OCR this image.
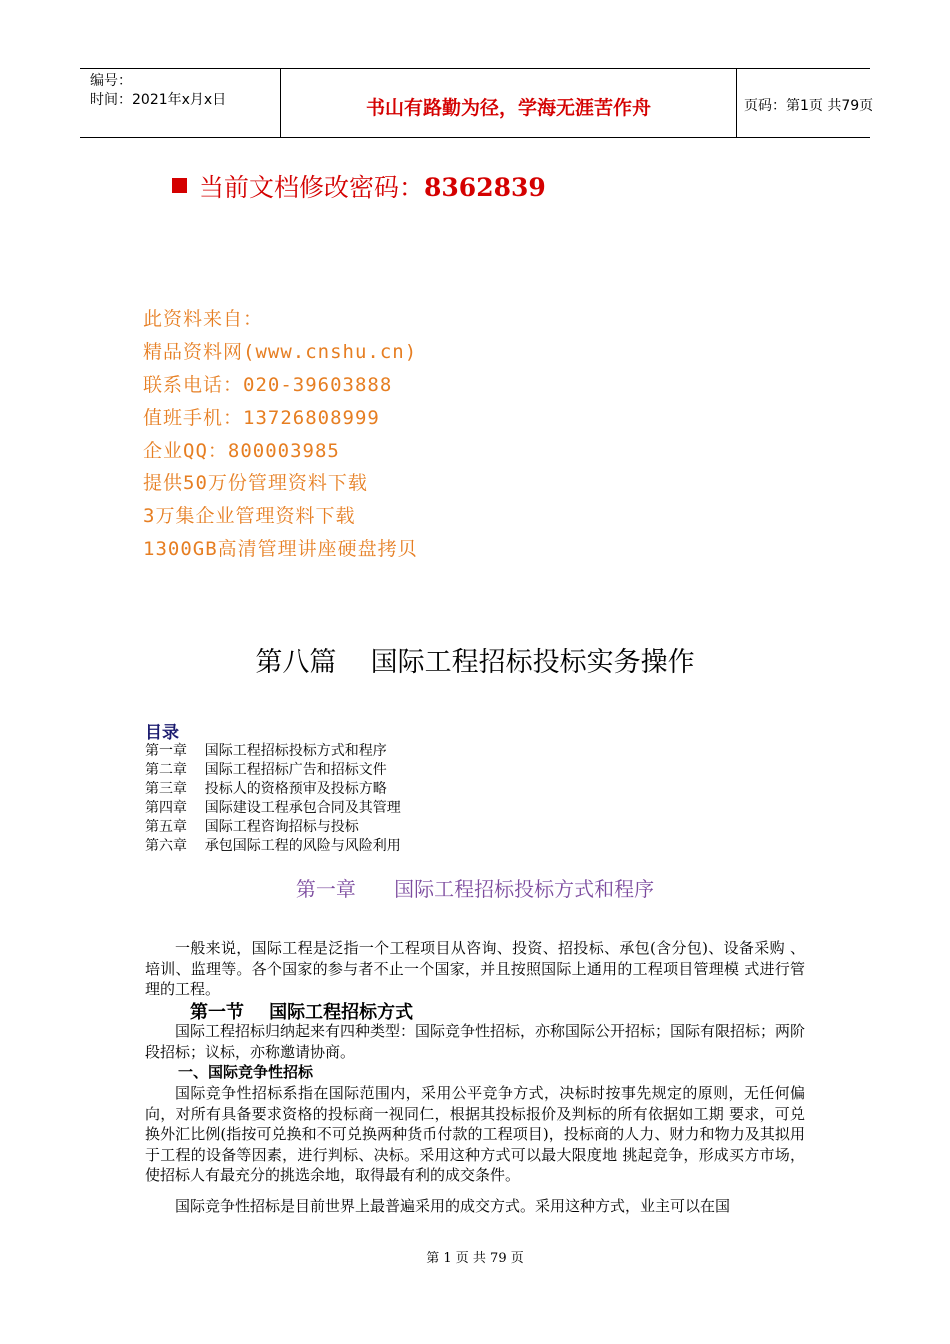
编号：
时间：2021年x月x日	书山有路勤为径，学海无涯苦作舟	页码：第1页 共79页
当前文档修改密码：8362839
此资料来自：
精品资料网(www.cnshu.cn)
联系电话：020-39603888
值班手机：13726808999
企业QQ：800003985
提供50万份管理资料下载
3万集企业管理资料下载
1300GB高清管理讲座硬盘拷贝
第八篇    国际工程招标投标实务操作
目录
第一章    国际工程招标投标方式和程序
第二章    国际工程招标广告和招标文件
第三章    投标人的资格预审及投标方略
第四章    国际建设工程承包合同及其管理
第五章    国际工程咨询招标与投标
第六章    承包国际工程的风险与风险利用
第一章      国际工程招标投标方式和程序

一般来说，国际工程是泛指一个工程项目从咨询、投资、招投标、承包(含分包)、设备采购 、培训、监理等。各个国家的参与者不止一个国家，并且按照国际上通用的工程项目管理模 式进行管理的工程。

第一节    国际工程招标方式

国际工程招标归纳起来有四种类型：国际竞争性招标，亦称国际公开招标；国际有限招标；两阶段招标；议标，亦称邀请协商。

一、国际竞争性招标

国际竞争性招标系指在国际范围内，采用公平竞争方式，决标时按事先规定的原则，无任何偏向，对所有具备要求资格的投标商一视同仁，根据其投标报价及判标的所有依据如工期 要求，可兑换外汇比例(指按可兑换和不可兑换两种货币付款的工程项目)，投标商的人力、财力和物力及其拟用于工程的设备等因素，进行判标、决标。采用这种方式可以最大限度地 挑起竞争，形成买方市场，使招标人有最充分的挑选余地，取得最有利的成交条件。

国际竞争性招标是目前世界上最普遍采用的成交方式。采用这种方式，业主可以在国

第 1 页 共 79 页
